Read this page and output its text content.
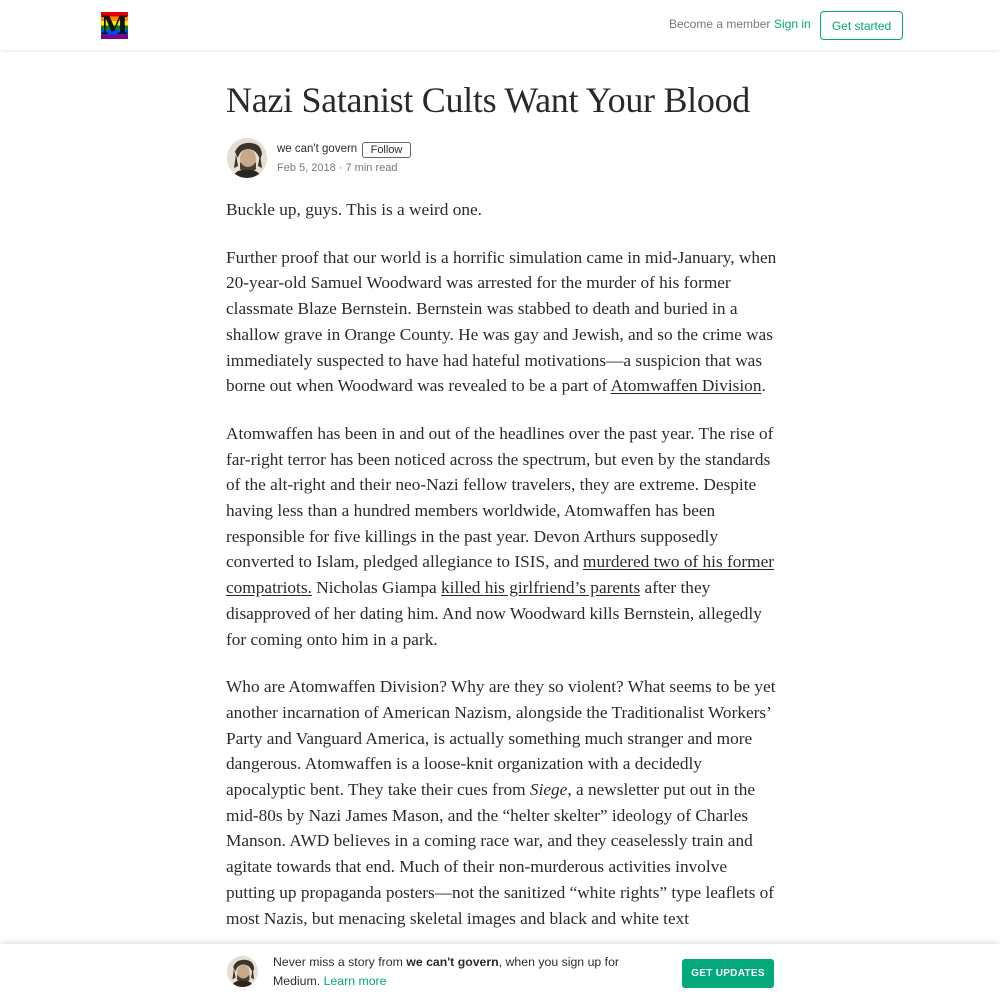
M	Become a member Sign in	Get started
Nazi Satanist Cults Want Your Blood
we can't govern	Follow
Feb 5, 2018 · 7 min read

Buckle up, guys. This is a weird one.

Further proof that our world is a horrific simulation came in mid-January, when 20-year-old Samuel Woodward was arrested for the murder of his former classmate Blaze Bernstein. Bernstein was stabbed to death and buried in a shallow grave in Orange County. He was gay and Jewish, and so the crime was immediately suspected to have had hateful motivations—a suspicion that was borne out when Woodward was revealed to be a part of Atomwaffen Division.

Atomwaffen has been in and out of the headlines over the past year. The rise of far-right terror has been noticed across the spectrum, but even by the standards of the alt-right and their neo-Nazi fellow travelers, they are extreme. Despite having less than a hundred members worldwide, Atomwaffen has been responsible for five killings in the past year. Devon Arthurs supposedly converted to Islam, pledged allegiance to ISIS, and murdered two of his former compatriots. Nicholas Giampa killed his girlfriend’s parents after they disapproved of her dating him. And now Woodward kills Bernstein, allegedly for coming onto him in a park.

Who are Atomwaffen Division? Why are they so violent? What seems to be yet another incarnation of American Nazism, alongside the Traditionalist Workers’ Party and Vanguard America, is actually something much stranger and more dangerous. Atomwaffen is a loose-knit organization with a decidedly apocalyptic bent. They take their cues from Siege, a newsletter put out in the mid-80s by Nazi James Mason, and the “helter skelter” ideology of Charles Manson. AWD believes in a coming race war, and they ceaselessly train and agitate towards that end. Much of their non-murderous activities involve putting up propaganda posters—not the sanitized “white rights” type leaflets of most Nazis, but menacing skeletal images and black and white text

Never miss a story from we can't govern, when you sign up for Medium. Learn more
GET UPDATES
